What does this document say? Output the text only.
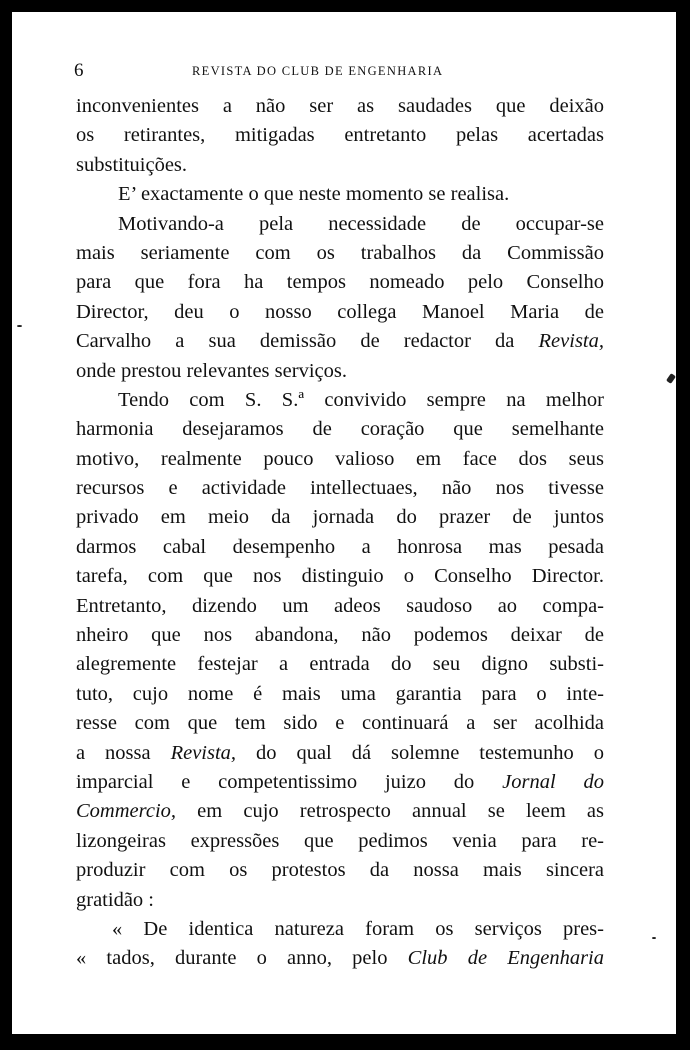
6	REVISTA DO CLUB DE ENGENHARIA
inconvenientes a não ser as saudades que deixão
os retirantes, mitigadas entretanto pelas acertadas
substituições.
E’ exactamente o que neste momento se realisa.
Motivando-a pela necessidade de occupar-se
mais seriamente com os trabalhos da Commissão
para que fora ha tempos nomeado pelo Conselho
Director, deu o nosso collega Manoel Maria de
Carvalho a sua demissão de redactor da Revista,
onde prestou relevantes serviços.
Tendo com S. S.ª convivido sempre na melhor
harmonia desejaramos de coração que semelhante
motivo, realmente pouco valioso em face dos seus
recursos e actividade intellectuaes, não nos tivesse
privado em meio da jornada do prazer de juntos
darmos cabal desempenho a honrosa mas pesada
tarefa, com que nos distinguio o Conselho Director.
Entretanto, dizendo um adeos saudoso ao compa-
nheiro que nos abandona, não podemos deixar de
alegremente festejar a entrada do seu digno substi-
tuto, cujo nome é mais uma garantia para o inte-
resse com que tem sido e continuará a ser acolhida
a nossa Revista, do qual dá solemne testemunho o
imparcial e competentissimo juizo do Jornal do
Commercio, em cujo retrospecto annual se leem as
lizongeiras expressões que pedimos venia para re-
produzir com os protestos da nossa mais sincera
gratidão :
« De identica natureza foram os serviços pres-
« tados, durante o anno, pelo Club de Engenharia
